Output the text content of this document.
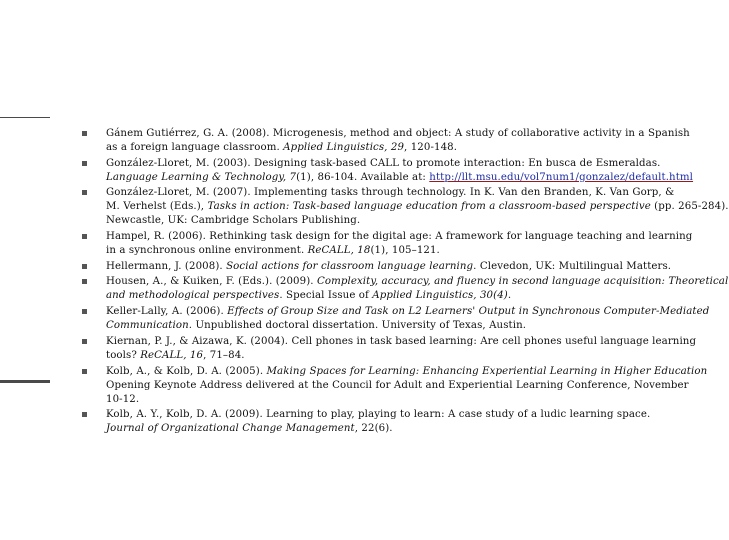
Gánem Gutiérrez, G. A. (2008). Microgenesis, method and object: A study of collaborative activity in a Spanish
as a foreign language classroom. Applied Linguistics, 29, 120-148.
González-Lloret, M. (2003). Designing task-based CALL to promote interaction: En busca de Esmeraldas.
Language Learning & Technology, 7(1), 86-104. Available at: http://llt.msu.edu/vol7num1/gonzalez/default.html
González-Lloret, M. (2007). Implementing tasks through technology. In K. Van den Branden, K. Van Gorp, &
M. Verhelst (Eds.), Tasks in action: Task-based language education from a classroom-based perspective (pp. 265-284).
Newcastle, UK: Cambridge Scholars Publishing.
Hampel, R. (2006). Rethinking task design for the digital age: A framework for language teaching and learning
in a synchronous online environment. ReCALL, 18(1), 105–121.
Hellermann, J. (2008). Social actions for classroom language learning. Clevedon, UK: Multilingual Matters.
Housen, A., & Kuiken, F. (Eds.). (2009). Complexity, accuracy, and fluency in second language acquisition: Theoretical
and methodological perspectives. Special Issue of Applied Linguistics, 30(4).
Keller-Lally, A. (2006). Effects of Group Size and Task on L2 Learners' Output in Synchronous Computer-Mediated
Communication. Unpublished doctoral dissertation. University of Texas, Austin.
Kiernan, P. J., & Aizawa, K. (2004). Cell phones in task based learning: Are cell phones useful language learning
tools? ReCALL, 16, 71–84.
Kolb, A., & Kolb, D. A. (2005). Making Spaces for Learning: Enhancing Experiential Learning in Higher Education
Opening Keynote Address delivered at the Council for Adult and Experiential Learning Conference, November
10-12.
Kolb, A. Y., Kolb, D. A. (2009). Learning to play, playing to learn: A case study of a ludic learning space.
Journal of Organizational Change Management, 22(6).
